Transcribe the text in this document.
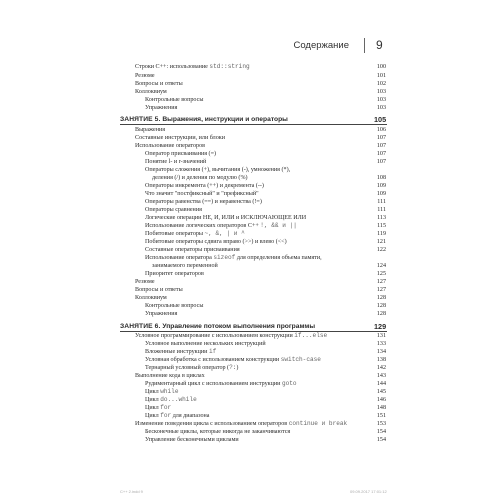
Содержание 9
Строки C++: использование std::string	100
Резюме	101
Вопросы и ответы	102
Коллоквиум	103
Контрольные вопросы	103
Упражнения	103
ЗАНЯТИЕ 5. Выражения, инструкции и операторы	105
Выражения	106
Составные инструкции, или блоки	107
Использование операторов	107
Оператор присваивания (=)	107
Понятие l- и r-значений	107
Операторы сложения (+), вычитания (-), умножения (*),
деления (/) и деления по модулю (%)	108
Операторы инкремента (++) и декремента (--)	109
Что значит "постфиксный" и "префиксный"	109
Операторы равенства (==) и неравенства (!=)	111
Операторы сравнения	111
Логические операции НЕ, И, ИЛИ и ИСКЛЮЧАЮЩЕЕ ИЛИ	113
Использование логических операторов C++ !, && и ||	115
Побитовые операторы ~, &, | и ^	119
Побитовые операторы сдвига вправо (>>) и влево (<<)	121
Составные операторы присваивания	122
Использование оператора sizeof для определения объема памяти,
занимаемого переменной	124
Приоритет операторов	125
Резюме	127
Вопросы и ответы	127
Коллоквиум	128
Контрольные вопросы	128
Упражнения	128
ЗАНЯТИЕ 6. Управление потоком выполнения программы	129
Условное программирование с использованием конструкции if...else	131
Условное выполнение нескольких инструкций	133
Вложенные инструкции if	134
Условная обработка с использованием конструкции switch-case	138
Тернарный условный оператор (?:)	142
Выполнение кода в циклах	143
Рудиментарный цикл с использованием инструкции goto	144
Цикл while	145
Цикл do...while	146
Цикл for	148
Цикл for для диапазона	151
Изменение поведения цикла с использованием операторов continue и break	153
Бесконечные циклы, которые никогда не заканчиваются	154
Управление бесконечными циклами	154
C++ 2.indd 9	09.09.2017 17:01:12
